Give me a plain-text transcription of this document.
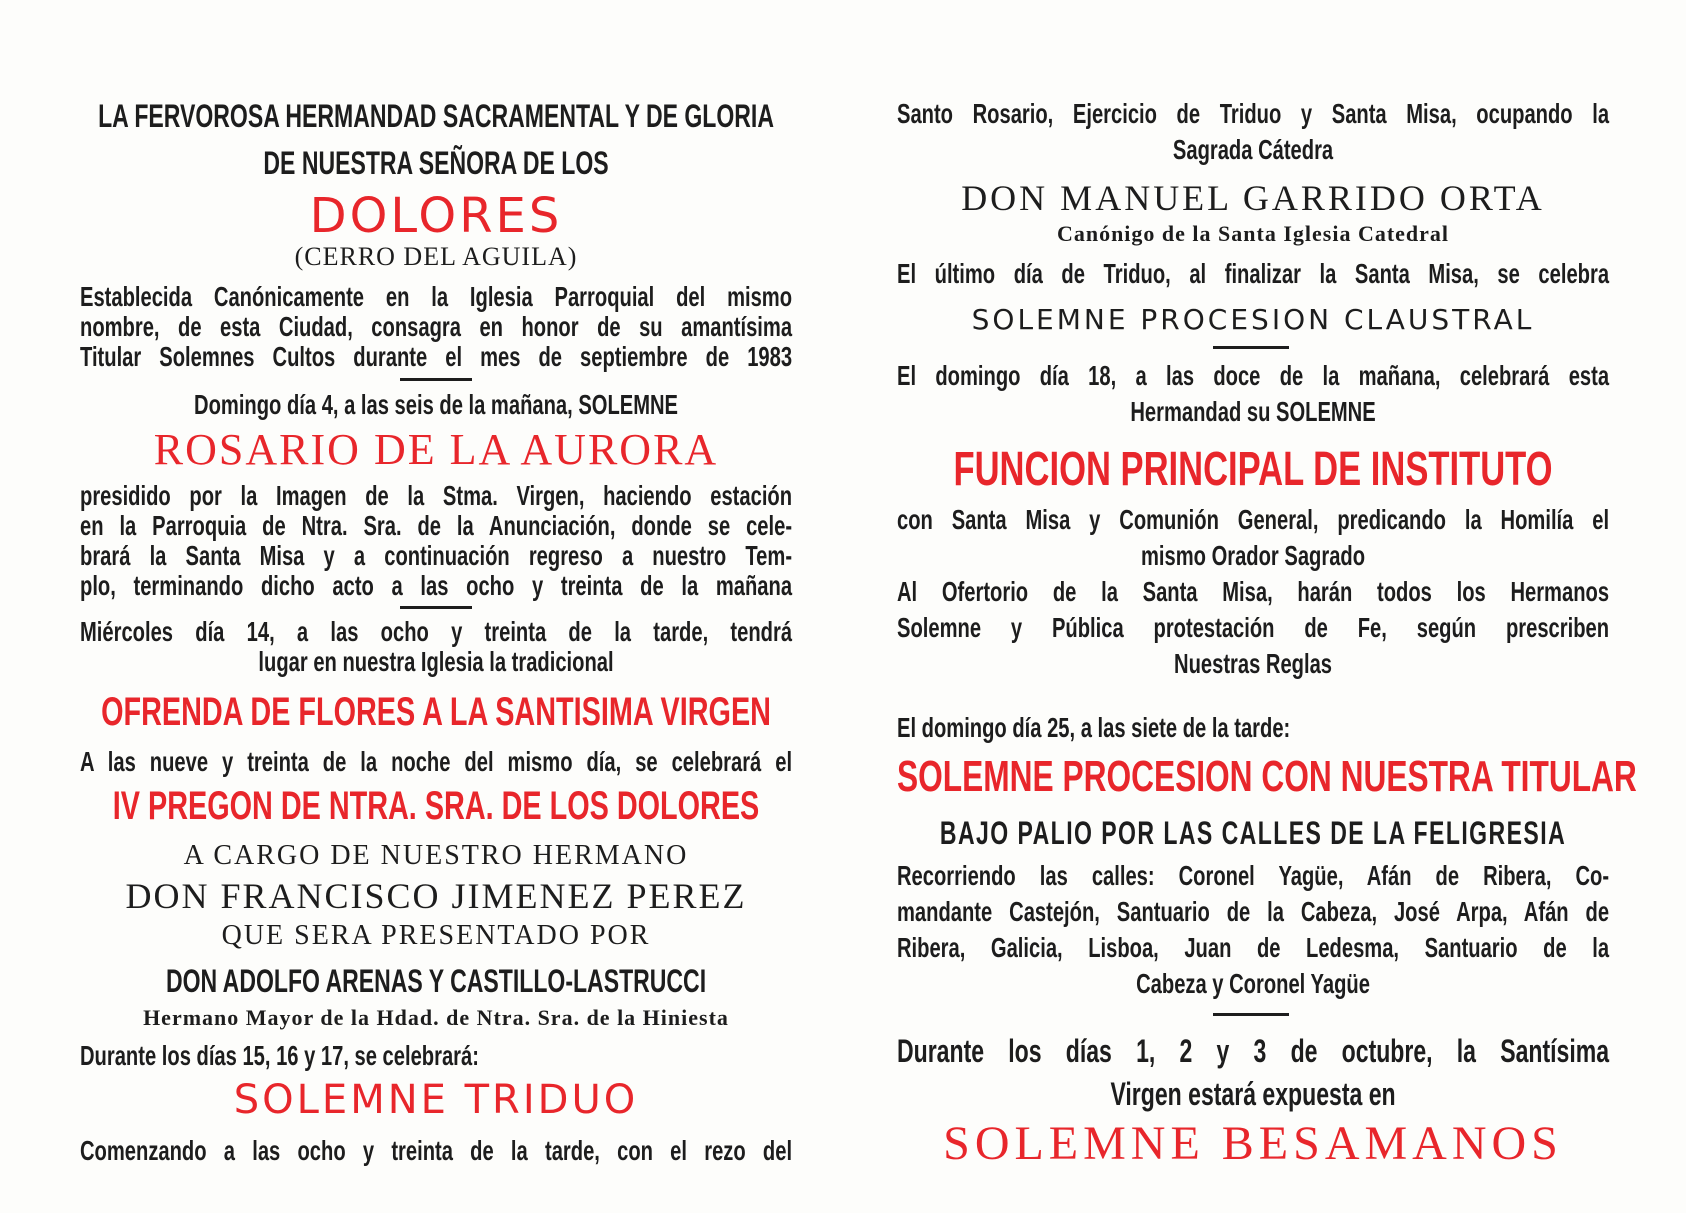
LA FERVOROSA HERMANDAD SACRAMENTAL Y DE GLORIA
DE NUESTRA SEÑORA DE LOS
DOLORES
(CERRO DEL AGUILA)
Establecida Canónicamente en la Iglesia Parroquial del mismo
nombre, de esta Ciudad, consagra en honor de su amantísima
Titular Solemnes Cultos durante el mes de septiembre de 1983
Domingo día 4, a las seis de la mañana, SOLEMNE
ROSARIO DE LA AURORA
presidido por la Imagen de la Stma. Virgen, haciendo estación
en la Parroquia de Ntra. Sra. de la Anunciación, donde se cele-
brará la Santa Misa y a continuación regreso a nuestro Tem-
plo, terminando dicho acto a las ocho y treinta de la mañana
Miércoles día 14, a las ocho y treinta de la tarde, tendrá
lugar en nuestra Iglesia la tradicional
OFRENDA DE FLORES A LA SANTISIMA VIRGEN
A las nueve y treinta de la noche del mismo día, se celebrará el
IV PREGON DE NTRA. SRA. DE LOS DOLORES
A CARGO DE NUESTRO HERMANO
DON FRANCISCO JIMENEZ PEREZ
QUE SERA PRESENTADO POR
DON ADOLFO ARENAS Y CASTILLO-LASTRUCCI
Hermano Mayor de la Hdad. de Ntra. Sra. de la Hiniesta
Durante los días 15, 16 y 17, se celebrará:
SOLEMNE TRIDUO
Comenzando a las ocho y treinta de la tarde, con el rezo del
Santo Rosario, Ejercicio de Triduo y Santa Misa, ocupando la
Sagrada Cátedra
DON MANUEL GARRIDO ORTA
Canónigo de la Santa Iglesia Catedral
El último día de Triduo, al finalizar la Santa Misa, se celebra
SOLEMNE PROCESION CLAUSTRAL
El domingo día 18, a las doce de la mañana, celebrará esta
Hermandad su SOLEMNE
FUNCION PRINCIPAL DE INSTITUTO
con Santa Misa y Comunión General, predicando la Homilía el
mismo Orador Sagrado
Al Ofertorio de la Santa Misa, harán todos los Hermanos
Solemne y Pública protestación de Fe, según prescriben
Nuestras Reglas
El domingo día 25, a las siete de la tarde:
SOLEMNE PROCESION CON NUESTRA TITULAR
BAJO PALIO POR LAS CALLES DE LA FELIGRESIA
Recorriendo las calles: Coronel Yagüe, Afán de Ribera, Co-
mandante Castejón, Santuario de la Cabeza, José Arpa, Afán de
Ribera, Galicia, Lisboa, Juan de Ledesma, Santuario de la
Cabeza y Coronel Yagüe
Durante los días 1, 2 y 3 de octubre, la Santísima
Virgen estará expuesta en
SOLEMNE BESAMANOS
